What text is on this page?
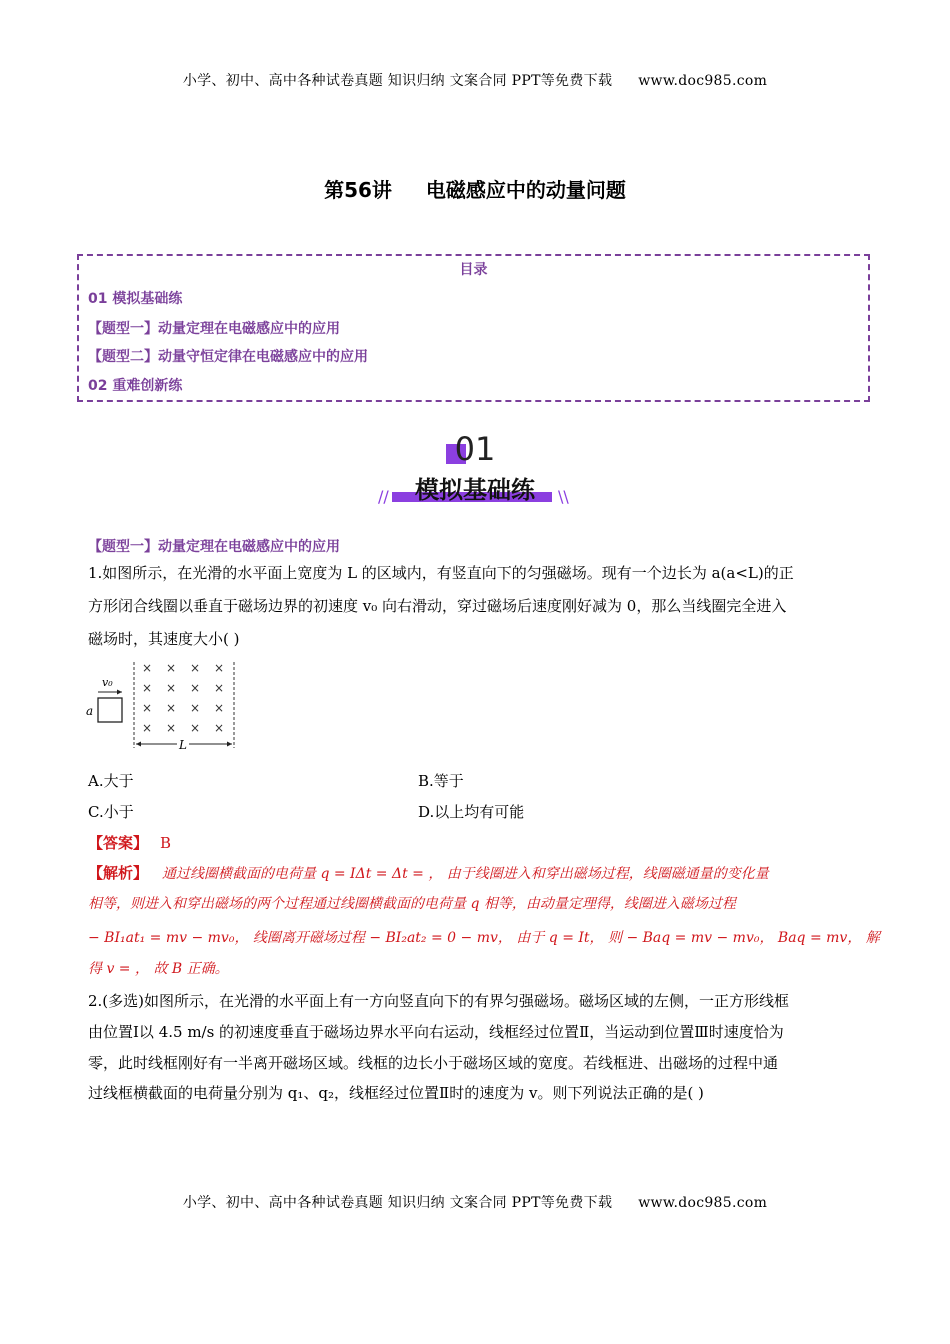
小学、初中、高中各种试卷真题 知识归纳 文案合同 PPT等免费下载 www.doc985.com
第56讲 电磁感应中的动量问题
目录
01 模拟基础练
【题型一】动量定理在电磁感应中的应用
【题型二】动量守恒定律在电磁感应中的应用
02 重难创新练
01
模拟基础练
//	\\
【题型一】动量定理在电磁感应中的应用
1.如图所示，在光滑的水平面上宽度为 L 的区域内，有竖直向下的匀强磁场。现有一个边长为 a(a<L)的正
方形闭合线圈以垂直于磁场边界的初速度 v₀ 向右滑动，穿过磁场后速度刚好减为 0，那么当线圈完全进入
磁场时，其速度大小( )
× × × ×
× × × ×
× × × ×
× × × ×
a
v₀
L
A.大于	B.等于
C.小于	D.以上均有可能
【答案】 B
【解析】 通过线圈横截面的电荷量 q = IΔt = Δt = ， 由于线圈进入和穿出磁场过程，线圈磁通量的变化量
相等，则进入和穿出磁场的两个过程通过线圈横截面的电荷量 q 相等，由动量定理得，线圈进入磁场过程
− BI₁at₁ = mv − mv₀， 线圈离开磁场过程 − BI₂at₂ = 0 − mv， 由于 q = It， 则 − Baq = mv − mv₀， Baq = mv， 解
得 v = ， 故 B 正确。
2.(多选)如图所示，在光滑的水平面上有一方向竖直向下的有界匀强磁场。磁场区域的左侧，一正方形线框
由位置Ⅰ以 4.5 m/s 的初速度垂直于磁场边界水平向右运动，线框经过位置Ⅱ，当运动到位置Ⅲ时速度恰为
零，此时线框刚好有一半离开磁场区域。线框的边长小于磁场区域的宽度。若线框进、出磁场的过程中通
过线框横截面的电荷量分别为 q₁、q₂，线框经过位置Ⅱ时的速度为 v。则下列说法正确的是( )
小学、初中、高中各种试卷真题 知识归纳 文案合同 PPT等免费下载 www.doc985.com
